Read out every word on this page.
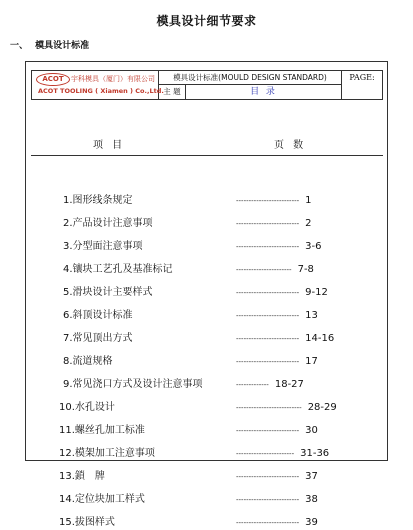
模具设计细节要求
一、 模具设计标准
ACOT	宇科模具（厦门）有限公司
ACOT TOOLING ( Xiamen ) Co.,Ltd.
模具设计标准(MOULD DESIGN STANDARD)	PAGE:
主 题	目 录
项 目	页 数
1.图形线条规定	------------------------- 1
2.产品设计注意事项	------------------------- 2
3.分型面注意事项	------------------------- 3-6
4.镶块工艺孔及基准标记	---------------------- 7-8
5.滑块设计主要样式	------------------------- 9-12
6.斜顶设计标准	------------------------- 13
7.常见顶出方式	------------------------- 14-16
8.流道规格	------------------------- 17
9.常见浇口方式及设计注意事项	------------- 18-27
10.水孔设计	-------------------------- 28-29
11.螺丝孔加工标准	------------------------- 30
12.模架加工注意事项	----------------------- 31-36
13.鎖　牌	------------------------- 37
14.定位块加工样式	------------------------- 38
15.拔图样式	------------------------- 39
